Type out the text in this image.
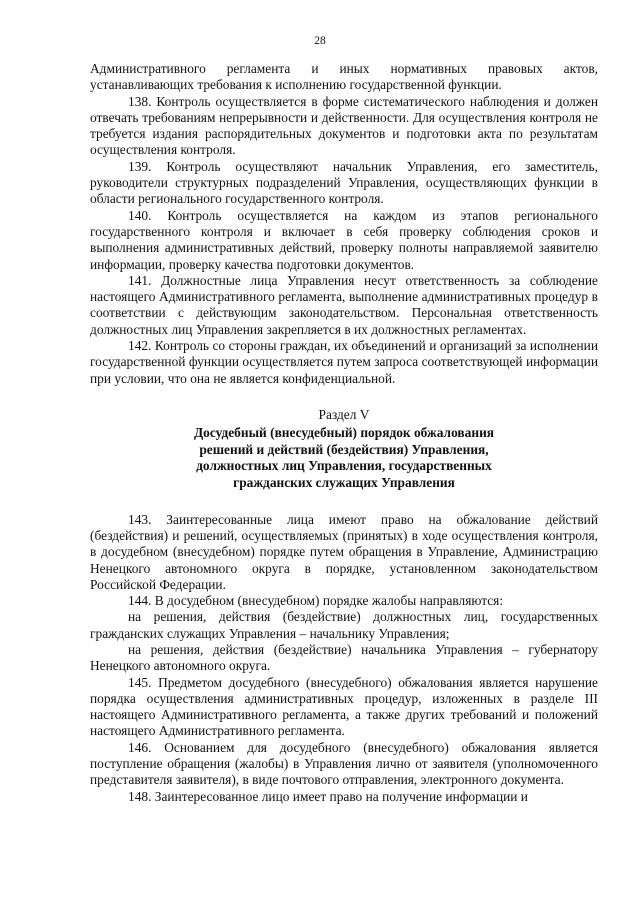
28

Административного регламента и иных нормативных правовых актов, устанавливающих требования к исполнению государственной функции.

138. Контроль осуществляется в форме систематического наблюдения и должен отвечать требованиям непрерывности и действенности. Для осуществления контроля не требуется издания распорядительных документов и подготовки акта по результатам осуществления контроля.

139. Контроль осуществляют начальник Управления, его заместитель, руководители структурных подразделений Управления, осуществляющих функции в области регионального государственного контроля.

140. Контроль осуществляется на каждом из этапов регионального государственного контроля и включает в себя проверку соблюдения сроков и выполнения административных действий, проверку полноты направляемой заявителю информации, проверку качества подготовки документов.

141. Должностные лица Управления несут ответственность за соблюдение настоящего Административного регламента, выполнение административных процедур в соответствии с действующим законодательством. Персональная ответственность должностных лиц Управления закрепляется в их должностных регламентах.

142. Контроль со стороны граждан, их объединений и организаций за исполнении государственной функции осуществляется путем запроса соответствующей информации при условии, что она не является конфиденциальной.

Раздел V
Досудебный (внесудебный) порядок обжалования решений и действий (бездействия) Управления, должностных лиц Управления, государственных гражданских служащих Управления

143. Заинтересованные лица имеют право на обжалование действий (бездействия) и решений, осуществляемых (принятых) в ходе осуществления контроля, в досудебном (внесудебном) порядке путем обращения в Управление, Администрацию Ненецкого автономного округа в порядке, установленном законодательством Российской Федерации.

144. В досудебном (внесудебном) порядке жалобы направляются:

на решения, действия (бездействие) должностных лиц, государственных гражданских служащих Управления – начальнику Управления;

на решения, действия (бездействие) начальника Управления – губернатору Ненецкого автономного округа.

145. Предметом досудебного (внесудебного) обжалования является нарушение порядка осуществления административных процедур, изложенных в разделе III настоящего Административного регламента, а также других требований и положений настоящего Административного регламента.

146. Основанием для досудебного (внесудебного) обжалования является поступление обращения (жалобы) в Управления лично от заявителя (уполномоченного представителя заявителя), в виде почтового отправления, электронного документа.

148. Заинтересованное лицо имеет право на получение информации и
